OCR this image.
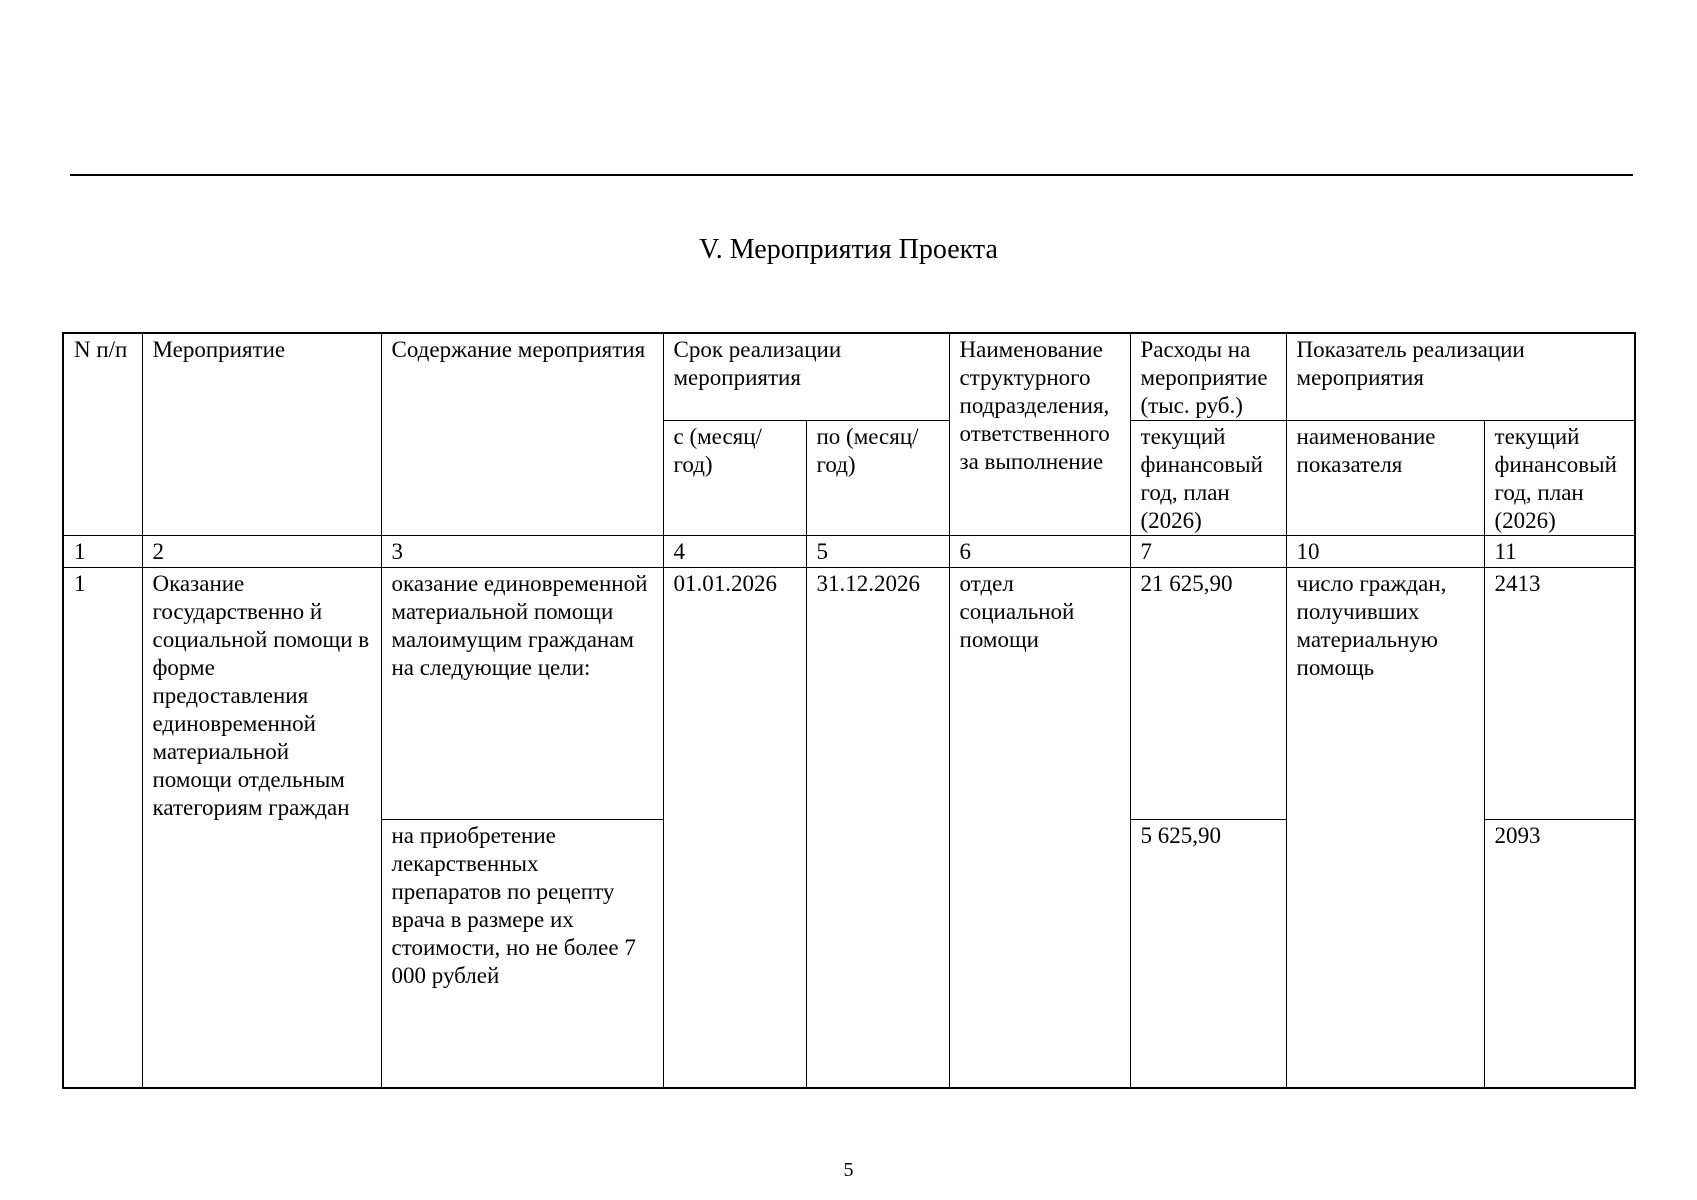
V. Мероприятия Проекта
N п/п	Мероприятие	Содержание мероприятия	Срок реализации мероприятия		Наименование структурного подразделения, ответственного за выполнение	Расходы на мероприятие (тыс. руб.)	Показатель реализации мероприятия	
			с (месяц/год)	по (месяц/год)		текущий финансовый год, план (2026)	наименование показателя	текущий финансовый год, план (2026)
1	2	3	4	5	6	7	10	11
1	Оказание государственно й социальной помощи в форме предоставления единовременной материальной помощи отдельным категориям граждан	оказание единовременной материальной помощи малоимущим гражданам на следующие цели:	01.01.2026	31.12.2026	отдел социальной помощи	21 625,90	число граждан, получивших материальную помощь	2413
		на приобретение лекарственных препаратов по рецепту врача в размере их стоимости, но не более 7 000 рублей				5 625,90		2093
5
